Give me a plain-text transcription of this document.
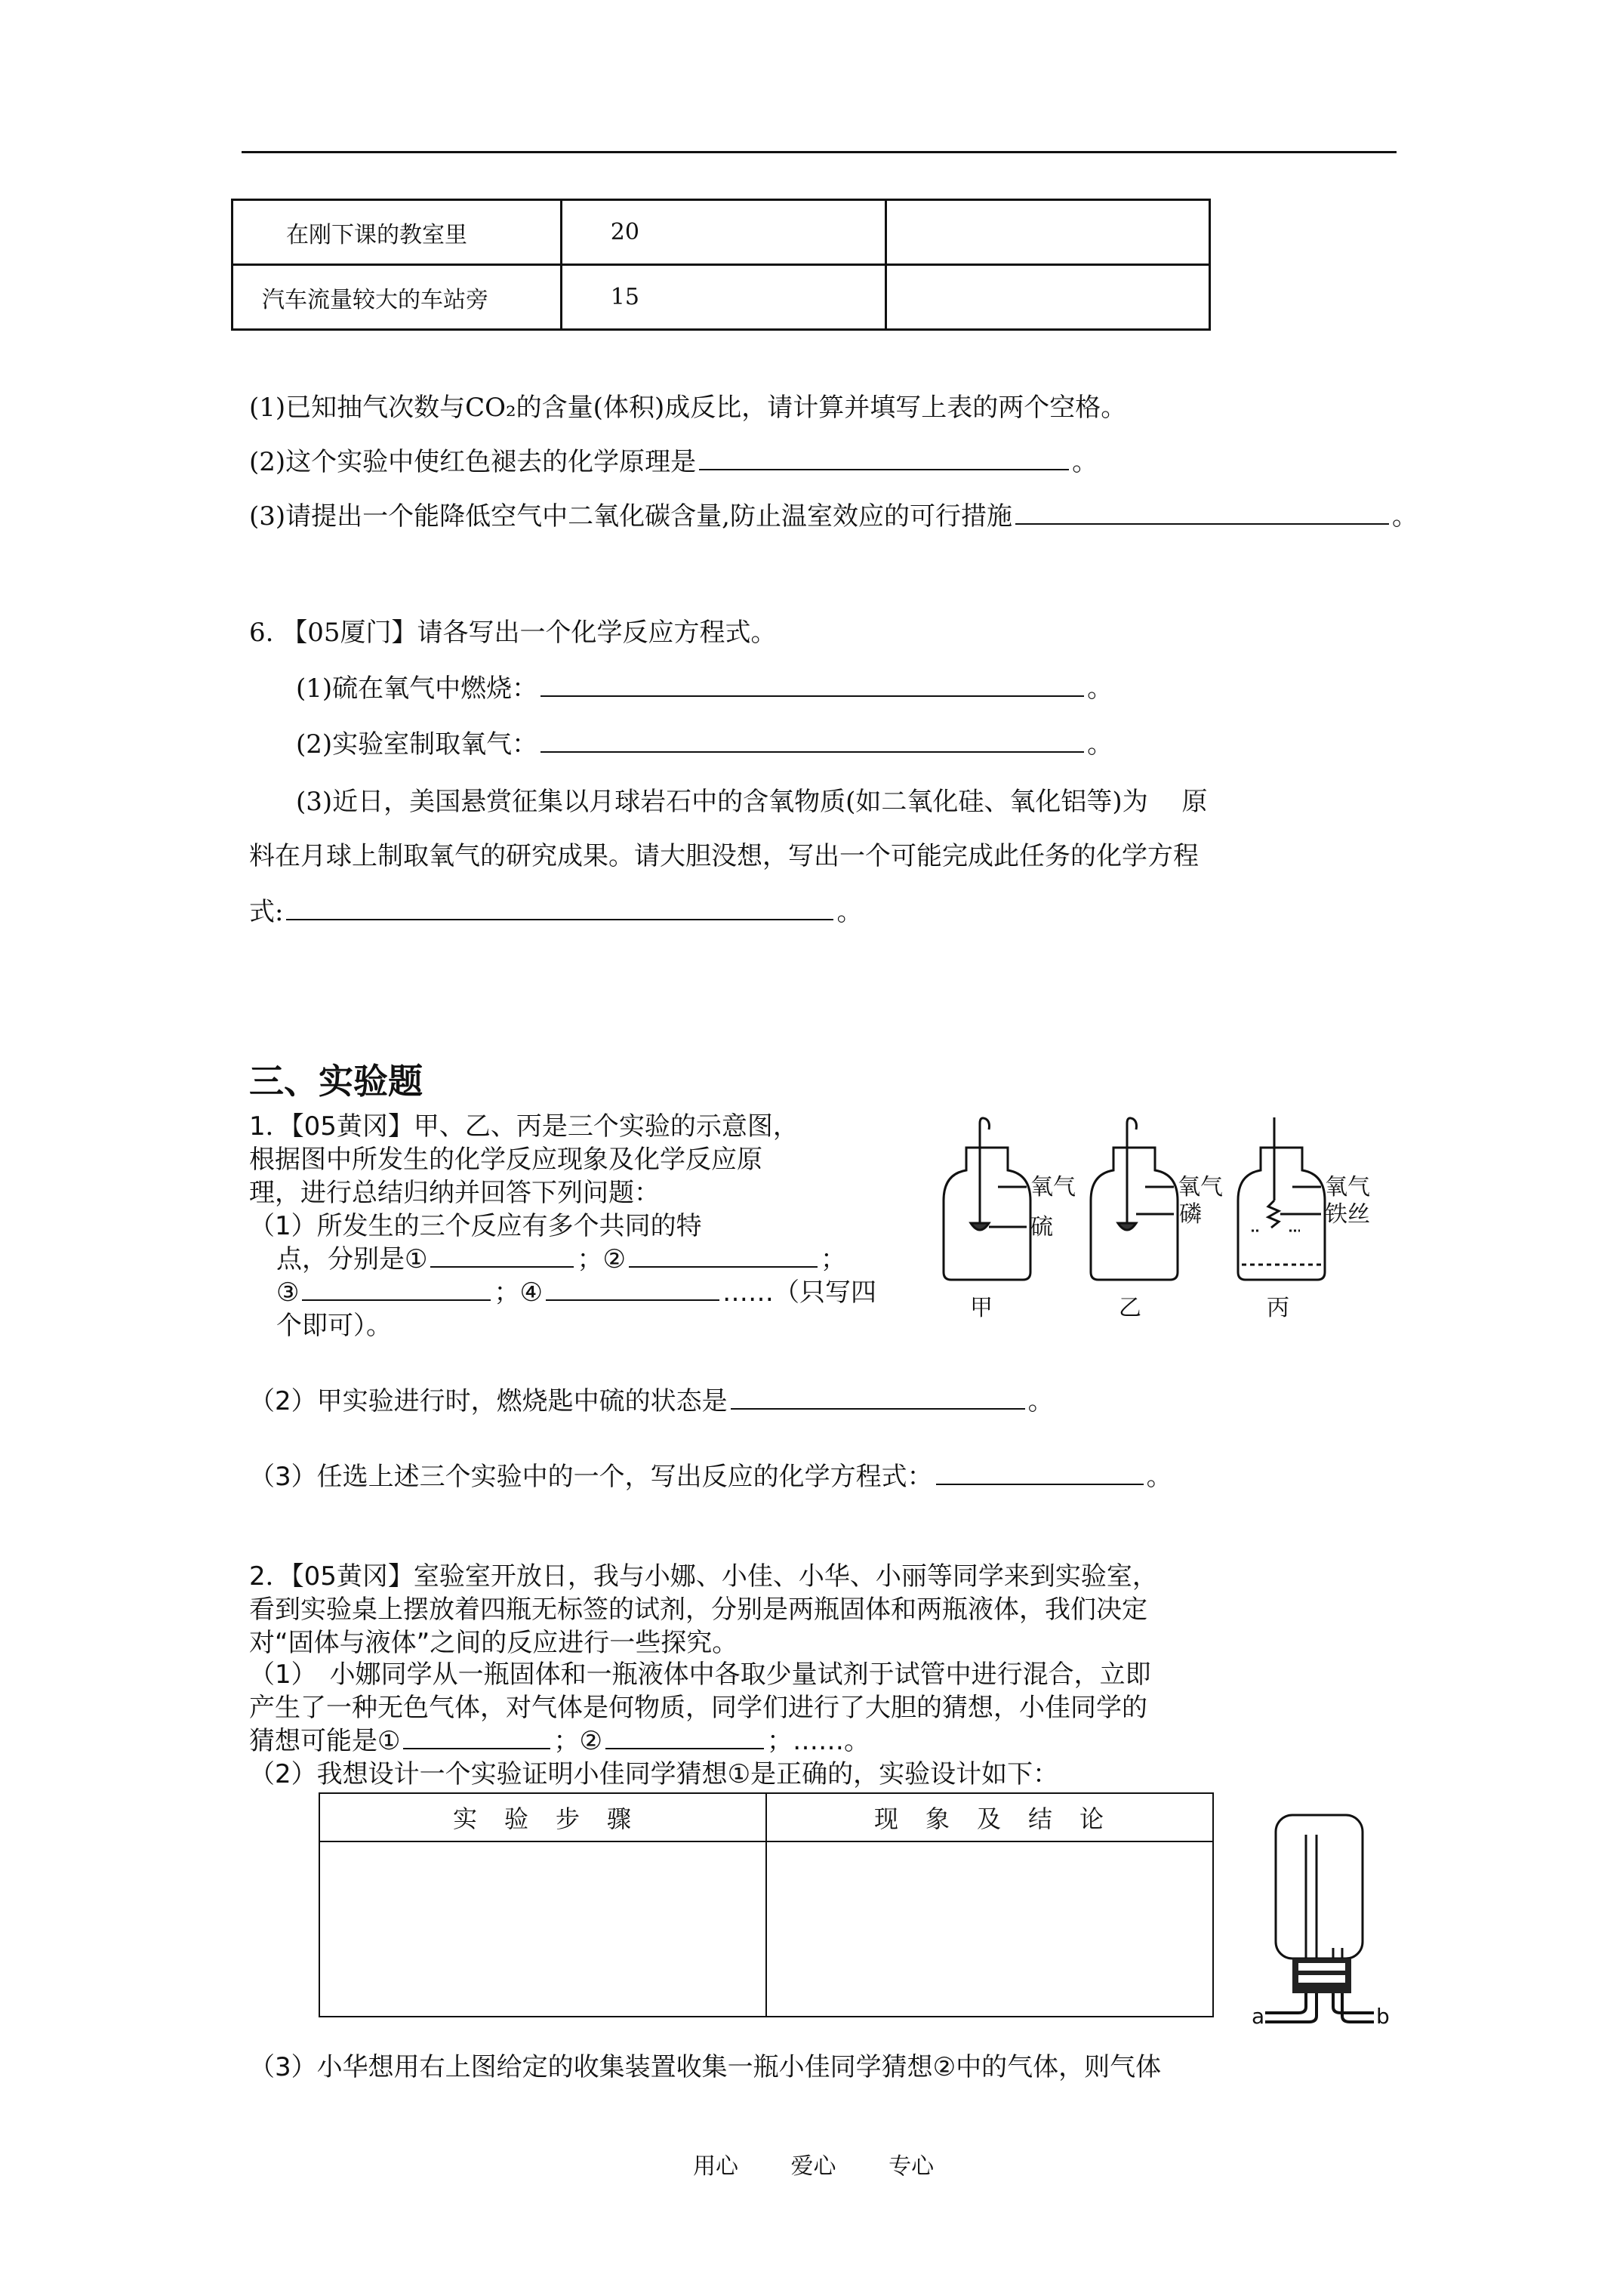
在刚下课的教室里	20	
汽车流量较大的车站旁	15	
(1)已知抽气次数与CO₂的含量(体积)成反比，请计算并填写上表的两个空格。
(2)这个实验中使红色褪去的化学原理是	。
(3)请提出一个能降低空气中二氧化碳含量,防止温室效应的可行措施	。
6. 【05厦门】请各写出一个化学反应方程式。
(1)硫在氧气中燃烧：	。
(2)实验室制取氧气：	。
(3)近日，美国悬赏征集以月球岩石中的含氧物质(如二氧化硅、氧化铝等)为　 原
料在月球上制取氧气的研究成果。请大胆没想，写出一个可能完成此任务的化学方程
式:	。
三、实验题
1．【05黄冈】甲、乙、丙是三个实验的示意图，
根据图中所发生的化学反应现象及化学反应原
理，进行总结归纳并回答下列问题：
（1）所发生的三个反应有多个共同的特
点，分别是①	；②	；
③	；④	……（只写四
个即可）。
氧气
硫
甲
氧气
磷
乙
氧气
铁丝
丙
（2）甲实验进行时，燃烧匙中硫的状态是	。
（3）任选上述三个实验中的一个，写出反应的化学方程式：	。
2．【05黄冈】室验室开放日，我与小娜、小佳、小华、小丽等同学来到实验室，
看到实验桌上摆放着四瓶无标签的试剂，分别是两瓶固体和两瓶液体，我们决定
对“固体与液体”之间的反应进行一些探究。
（1）　小娜同学从一瓶固体和一瓶液体中各取少量试剂于试管中进行混合，立即
产生了一种无色气体，对气体是何物质，同学们进行了大胆的猜想，小佳同学的
猜想可能是①	；②	；……。
（2）我想设计一个实验证明小佳同学猜想①是正确的，实验设计如下：
实　验　步　骤	现　象　及　结　论

a	b
（3）小华想用右上图给定的收集装置收集一瓶小佳同学猜想②中的气体，则气体
用心 爱心 专心
